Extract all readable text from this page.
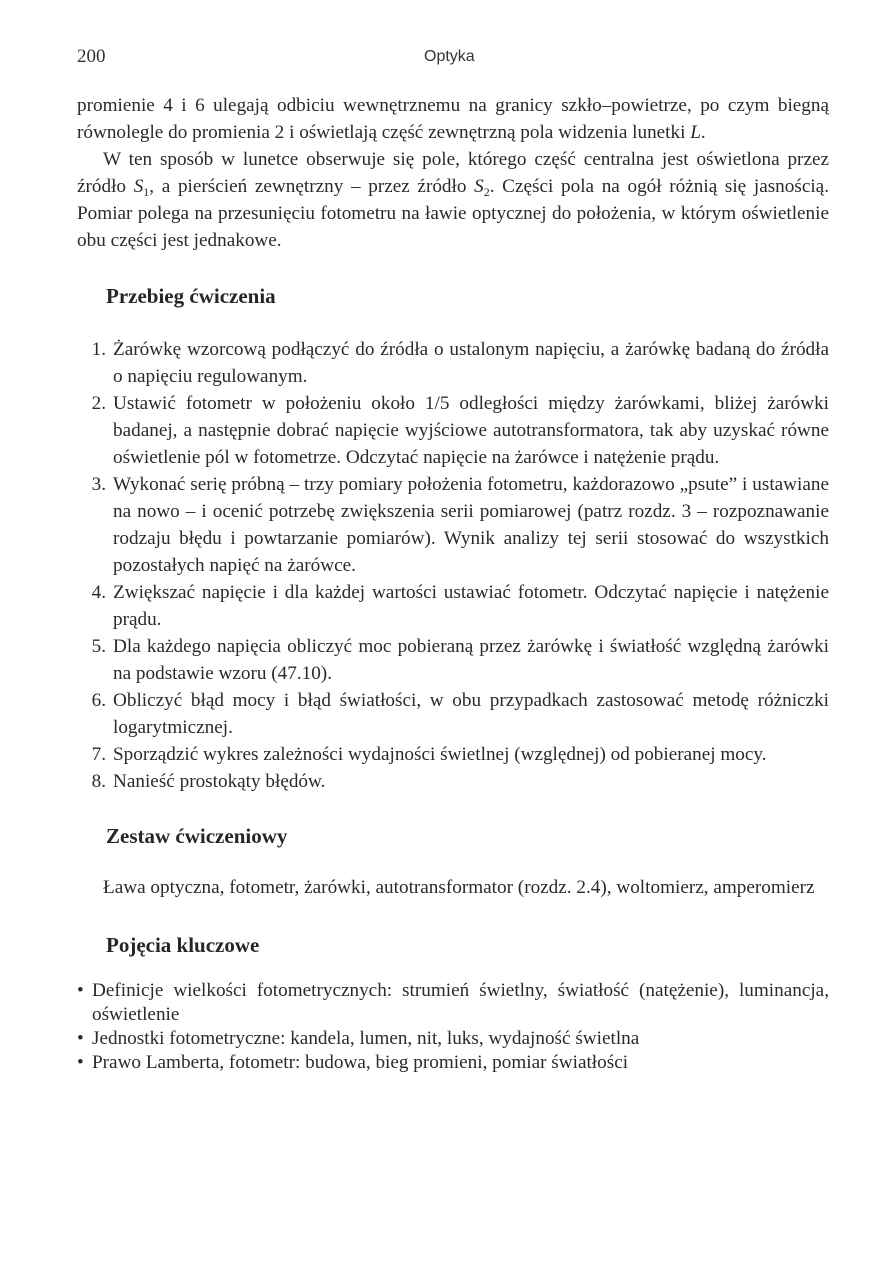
200	Optyka

promienie 4 i 6 ulegają odbiciu wewnętrznemu na granicy szkło–powietrze, po czym biegną równolegle do promienia 2 i oświetlają część zewnętrzną pola widzenia lunetki L.

W ten sposób w lunetce obserwuje się pole, którego część centralna jest oświetlona przez źródło $S_1$, a pierścień zewnętrzny – przez źródło $S_2$. Części pola na ogół różnią się jasnością. Pomiar polega na przesunięciu fotometru na ławie optycznej do położenia, w którym oświetlenie obu części jest jednakowe.

Przebieg ćwiczenia
1. Żarówkę wzorcową podłączyć do źródła o ustalonym napięciu, a żarówkę badaną do źródła o napięciu regulowanym.
2. Ustawić fotometr w położeniu około 1/5 odległości między żarówkami, bliżej żarówki badanej, a następnie dobrać napięcie wyjściowe autotransformatora, tak aby uzyskać równe oświetlenie pól w fotometrze. Odczytać napięcie na żarówce i natężenie prądu.
3. Wykonać serię próbną – trzy pomiary położenia fotometru, każdorazowo „psute” i ustawiane na nowo – i ocenić potrzebę zwiększenia serii pomiarowej (patrz rozdz. 3 – rozpoznawanie rodzaju błędu i powtarzanie pomiarów). Wynik analizy tej serii stosować do wszystkich pozostałych napięć na żarówce.
4. Zwiększać napięcie i dla każdej wartości ustawiać fotometr. Odczytać napięcie i natężenie prądu.
5. Dla każdego napięcia obliczyć moc pobieraną przez żarówkę i światłość względną żarówki na podstawie wzoru (47.10).
6. Obliczyć błąd mocy i błąd światłości, w obu przypadkach zastosować metodę różniczki logarytmicznej.
7. Sporządzić wykres zależności wydajności świetlnej (względnej) od pobieranej mocy.
8. Nanieść prostokąty błędów.
Zestaw ćwiczeniowy

Ława optyczna, fotometr, żarówki, autotransformator (rozdz. 2.4), woltomierz, amperomierz

Pojęcia kluczowe
• Definicje wielkości fotometrycznych: strumień świetlny, światłość (natężenie), luminancja, oświetlenie
• Jednostki fotometryczne: kandela, lumen, nit, luks, wydajność świetlna
• Prawo Lamberta, fotometr: budowa, bieg promieni, pomiar światłości
